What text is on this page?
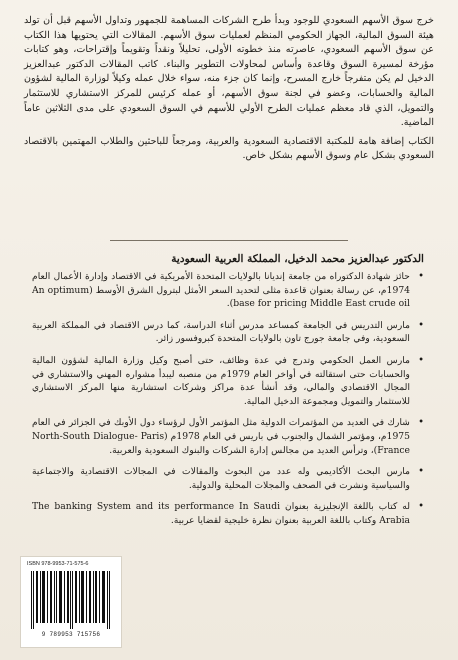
خرج سوق الأسهم السعودي للوجود وبدأ طرح الشركات المساهمة للجمهور وتداول الأسهم قبل أن تولد هيئة السوق المالية، الجهاز الحكومي المنظم لعمليات سوق الأسهم. المقالات التي يحتويها هذا الكتاب عن سوق الأسهم السعودي، عاصرته منذ خطوته الأولى، تحليلاً ونقداً وتقويماً وإقتراحات، وهو كتابات مؤرخة لمسيرة السوق وقاعدة وأساس لمحاولات التطوير والبناء. كاتب المقالات الدكتور عبدالعزيز الدخيل لم يكن متفرجاً خارج المسرح، وإنما كان جزء منه، سواء خلال عمله وكيلاً لوزارة المالية لشؤون المالية والحسابات، وعضو في لجنة سوق الأسهم، أو عمله كرئيس للمركز الاستشاري للاستثمار والتمويل، الذي قاد معظم عمليات الطرح الأولي للأسهم في السوق السعودي على مدى الثلاثين عاماً الماضية.

الكتاب إضافة هامة للمكتبة الاقتصادية السعودية والعربية، ومرجعاً للباحثين والطلاب المهتمين بالاقتصاد السعودي بشكل عام وسوق الأسهم بشكل خاص.

الدكتور عبدالعزيز محمد الدخيل، المملكة العربية السعودية
•
حائز شهادة الدكتوراه من جامعة إنديانا بالولايات المتحدة الأمريكية في الاقتصاد وإدارة الأعمال العام 1974م، عن رسالة بعنوان قاعدة مثلى لتحديد السعر الأمثل لبترول الشرق الأوسط (An optimum base for pricing Middle East crude oil).
•
مارس التدريس في الجامعة كمساعد مدرس أثناء الدراسة، كما درس الاقتصاد في المملكة العربية السعودية، وفي جامعة جورج تاون بالولايات المتحدة كبروفسور زائر.
•
مارس العمل الحكومي وتدرج في عدة وظائف، حتى أصبح وكيل وزارة المالية لشؤون المالية والحسابات حتى استقالته في أواخر العام 1979م من منصبه ليبدأ مشواره المهني والاستشاري في المجال الاقتصادي والمالي، وقد أنشأ عدة مراكز وشركات استشارية منها المركز الاستشاري للاستثمار والتمويل ومجموعة الدخيل المالية.
•
شارك في العديد من المؤتمرات الدولية مثل المؤتمر الأول لرؤساء دول الأوبك في الجزائر في العام 1975م، ومؤتمر الشمال والجنوب في باريس في العام 1978م (North-South Dialogue- Paris France)، وترأس العديد من مجالس إدارة الشركات والبنوك السعودية والعربية.
•
مارس البحث الأكاديمي وله عدد من البحوث والمقالات في المجالات الاقتصادية والاجتماعية والسياسية ونشرت في الصحف والمجلات المحلية والدولية.
•
له كتاب باللغة الإنجليزية بعنوان The banking System and its performance In Saudi Arabia وكتاب باللغة العربية بعنوان نظرة خليجية لقضايا عربية.
ISBN 978-9953-71-575-6
9 789953 715756
